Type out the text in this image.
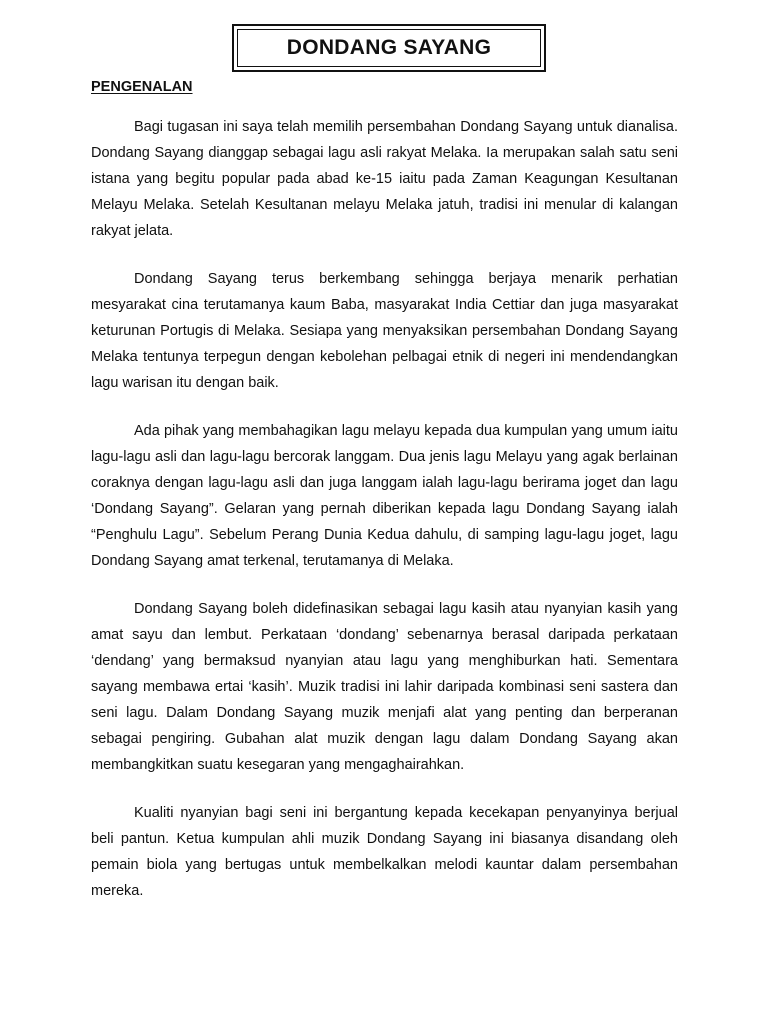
DONDANG SAYANG
PENGENALAN

Bagi tugasan ini saya telah memilih persembahan Dondang Sayang untuk dianalisa. Dondang Sayang dianggap sebagai lagu asli rakyat Melaka. Ia merupakan salah satu seni istana yang begitu popular pada abad ke-15 iaitu pada Zaman Keagungan Kesultanan Melayu Melaka. Setelah Kesultanan melayu Melaka jatuh, tradisi ini menular di kalangan rakyat jelata.

Dondang Sayang terus berkembang sehingga berjaya menarik perhatian mesyarakat cina terutamanya kaum Baba, masyarakat India Cettiar dan juga masyarakat keturunan Portugis di Melaka. Sesiapa yang menyaksikan persembahan Dondang Sayang Melaka tentunya terpegun dengan kebolehan pelbagai etnik di negeri ini mendendangkan lagu warisan itu dengan baik.

Ada pihak yang membahagikan lagu melayu kepada dua kumpulan yang umum iaitu lagu-lagu asli dan lagu-lagu bercorak langgam. Dua jenis lagu Melayu yang agak berlainan coraknya dengan lagu-lagu asli dan juga langgam ialah lagu-lagu berirama joget dan lagu ‘Dondang Sayang”. Gelaran yang pernah diberikan kepada lagu Dondang Sayang ialah “Penghulu Lagu”. Sebelum Perang Dunia Kedua dahulu, di samping lagu-lagu joget, lagu Dondang Sayang amat terkenal, terutamanya di Melaka.

Dondang Sayang boleh didefinasikan sebagai lagu kasih atau nyanyian kasih yang amat sayu dan lembut. Perkataan ‘dondang’ sebenarnya berasal daripada perkataan ‘dendang’ yang bermaksud nyanyian atau lagu yang menghiburkan hati. Sementara sayang membawa ertai ‘kasih’. Muzik tradisi ini lahir daripada kombinasi seni sastera dan seni lagu. Dalam Dondang Sayang muzik menjafi alat yang penting dan berperanan sebagai pengiring. Gubahan alat muzik dengan lagu dalam Dondang Sayang akan membangkitkan suatu kesegaran yang mengaghairahkan.

Kualiti nyanyian bagi seni ini bergantung kepada kecekapan penyanyinya berjual beli pantun. Ketua kumpulan ahli muzik Dondang Sayang ini biasanya disandang oleh pemain biola yang bertugas untuk membelkalkan melodi kauntar dalam persembahan mereka.
